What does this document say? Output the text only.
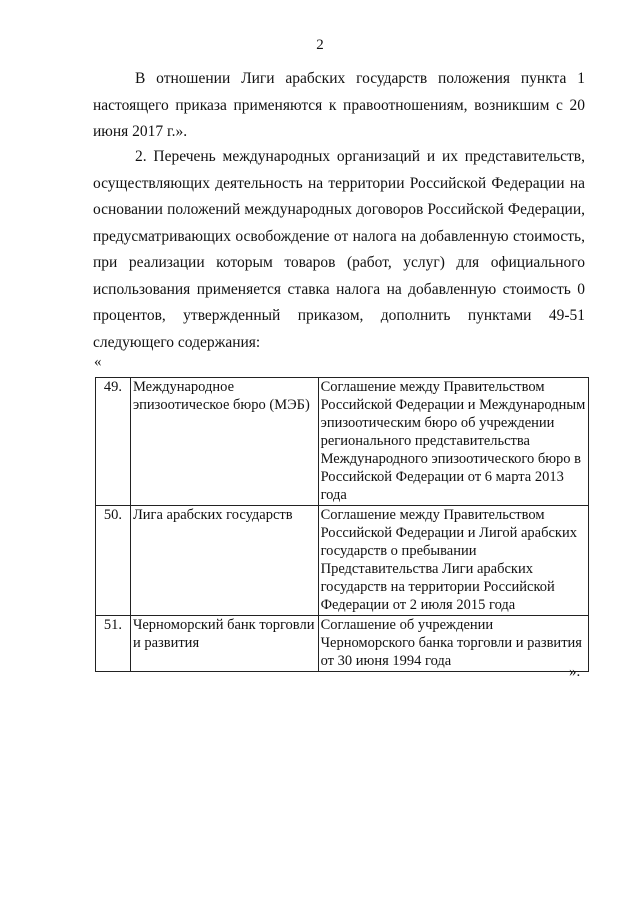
2

В отношении Лиги арабских государств положения пункта 1 настоящего приказа применяются к правоотношениям, возникшим с 20 июня 2017 г.».

2. Перечень международных организаций и их представительств, осуществляющих деятельность на территории Российской Федерации на основании положений международных договоров Российской Федерации, предусматривающих освобождение от налога на добавленную стоимость, при реализации которым товаров (работ, услуг) для официального использования применяется ставка налога на добавленную стоимость 0 процентов, утвержденный приказом, дополнить пунктами 49-51 следующего содержания:

«
49.	Международное эпизоотическое бюро (МЭБ)	Соглашение между Правительством Российской Федерации и Международным эпизоотическим бюро об учреждении регионального представительства Международного эпизоотического бюро в Российской Федерации от 6 марта 2013 года
50.	Лига арабских государств	Соглашение между Правительством Российской Федерации и Лигой арабских государств о пребывании Представительства Лиги арабских государств на территории Российской Федерации от 2 июля 2015 года
51.	Черноморский банк торговли и развития	Соглашение об учреждении Черноморского банка торговли и развития от 30 июня 1994 года
».
